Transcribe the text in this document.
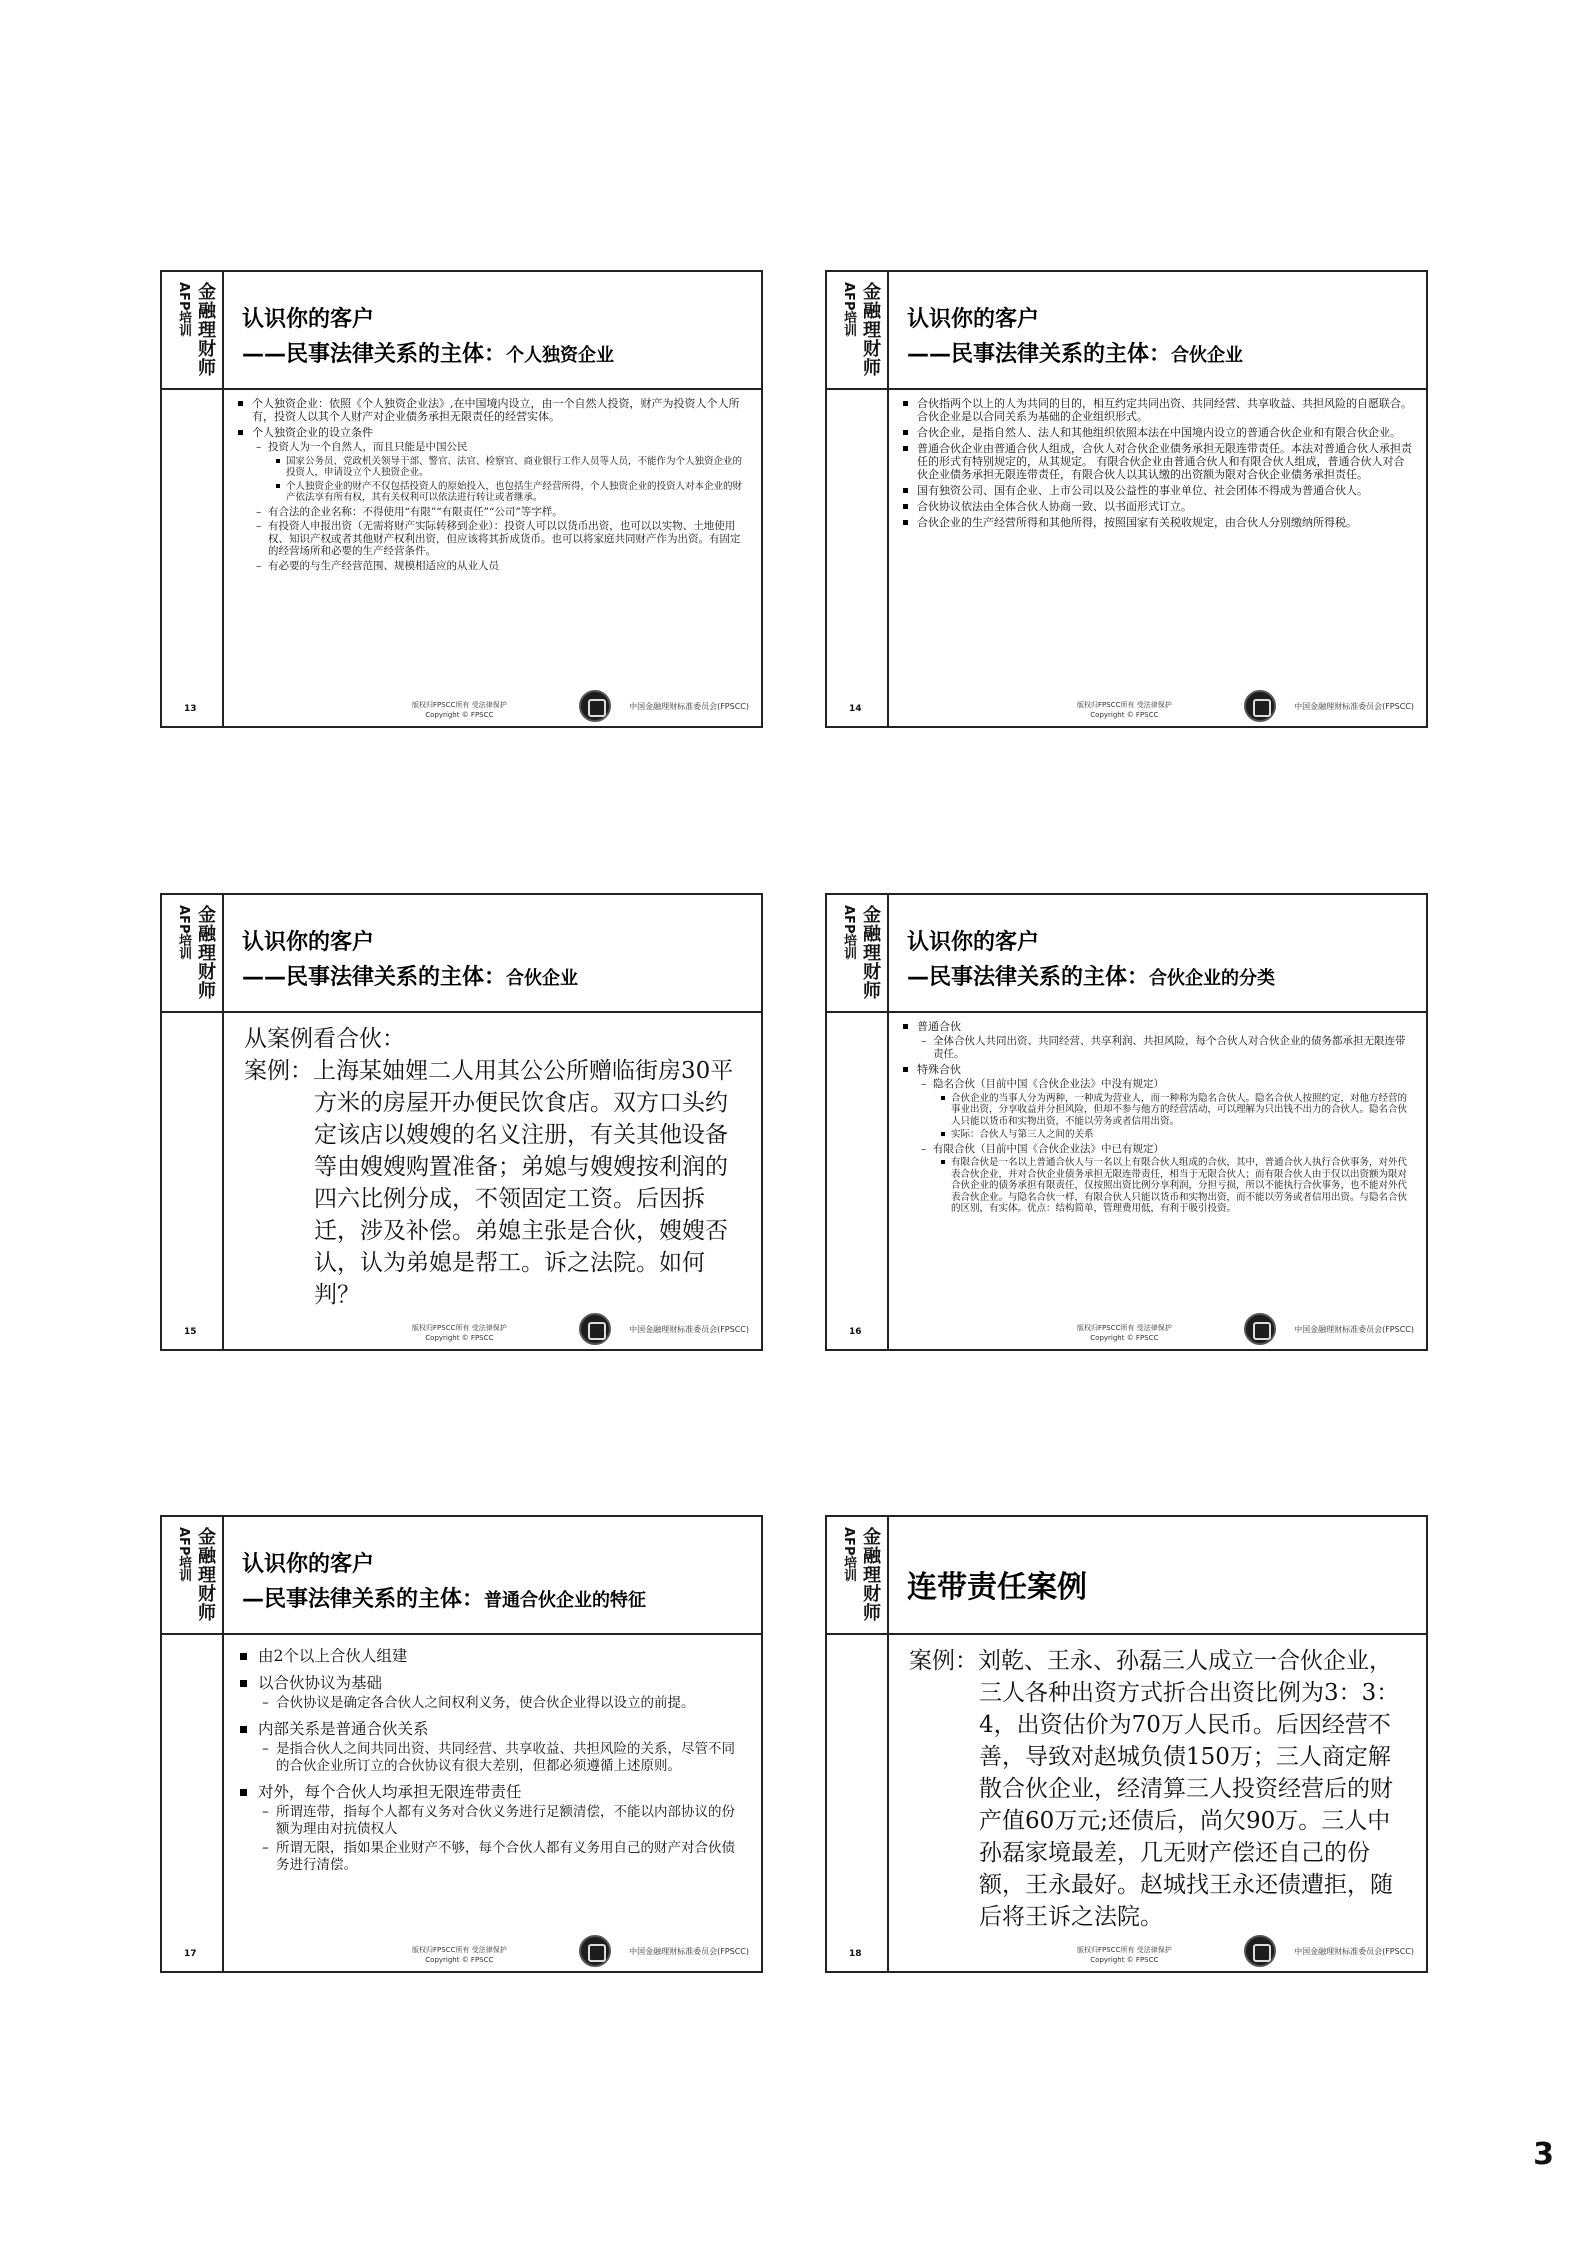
金融理财师
AFP培训 认识你的客户
——民事法律关系的主体：个人独资企业
个人独资企业：依照《个人独资企业法》,在中国境内设立，由一个自然人投资，财产为投资人个人所有，投资人以其个人财产对企业债务承担无限责任的经营实体。
个人独资企业的设立条件
– 投资人为一个自然人，而且只能是中国公民
国家公务员、党政机关领导干部、警官、法官、检察官、商业银行工作人员等人员，不能作为个人独资企业的投资人，申请设立个人独资企业。
个人独资企业的财产不仅包括投资人的原始投入，也包括生产经营所得，个人独资企业的投资人对本企业的财产依法享有所有权，其有关权利可以依法进行转让或者继承。
– 有合法的企业名称：不得使用“有限”“有限责任”“公司”等字样。
– 有投资人申报出资（无需将财产实际转移到企业）：投资人可以以货币出资，也可以以实物、土地使用权、知识产权或者其他财产权利出资，但应该将其折成货币。也可以将家庭共同财产作为出资。有固定的经营场所和必要的生产经营条件。
– 有必要的与生产经营范围、规模相适应的从业人员
13	版权归FPSCC所有 受法律保护
Copyright © FPSCC
中国金融理财标准委员会(FPSCC)
金融理财师
AFP培训 认识你的客户
——民事法律关系的主体：合伙企业
合伙指两个以上的人为共同的目的，相互约定共同出资、共同经营、共享收益、共担风险的自愿联合。合伙企业是以合同关系为基础的企业组织形式。
合伙企业，是指自然人、法人和其他组织依照本法在中国境内设立的普通合伙企业和有限合伙企业。
普通合伙企业由普通合伙人组成，合伙人对合伙企业债务承担无限连带责任。本法对普通合伙人承担责任的形式有特别规定的，从其规定。 有限合伙企业由普通合伙人和有限合伙人组成，普通合伙人对合伙企业债务承担无限连带责任，有限合伙人以其认缴的出资额为限对合伙企业债务承担责任。
国有独资公司、国有企业、上市公司以及公益性的事业单位、社会团体不得成为普通合伙人。
合伙协议依法由全体合伙人协商一致、以书面形式订立。
合伙企业的生产经营所得和其他所得，按照国家有关税收规定，由合伙人分别缴纳所得税。
14	版权归FPSCC所有 受法律保护
Copyright © FPSCC
中国金融理财标准委员会(FPSCC)
金融理财师
AFP培训 认识你的客户
——民事法律关系的主体：合伙企业
从案例看合伙：
案例：上海某妯娌二人用其公公所赠临街房30平方米的房屋开办便民饮食店。双方口头约定该店以嫂嫂的名义注册，有关其他设备等由嫂嫂购置准备；弟媳与嫂嫂按利润的四六比例分成，不领固定工资。后因拆迁，涉及补偿。弟媳主张是合伙，嫂嫂否认，认为弟媳是帮工。诉之法院。如何判？
15	版权归FPSCC所有 受法律保护
Copyright © FPSCC
中国金融理财标准委员会(FPSCC)
金融理财师
AFP培训 认识你的客户
—民事法律关系的主体：合伙企业的分类
普通合伙
– 全体合伙人共同出资、共同经营、共享利润、共担风险，每个合伙人对合伙企业的债务都承担无限连带责任。
特殊合伙
– 隐名合伙（目前中国《合伙企业法》中没有规定）
合伙企业的当事人分为两种，一种成为营业人，而一种称为隐名合伙人。隐名合伙人按照约定，对他方经营的事业出资，分享收益并分担风险，但却不参与他方的经营活动，可以理解为只出钱不出力的合伙人。隐名合伙人只能以货币和实物出资，不能以劳务或者信用出资。
实际：合伙人与第三人之间的关系
– 有限合伙（目前中国《合伙企业法》中已有规定）
有限合伙是一名以上普通合伙人与一名以上有限合伙人组成的合伙，其中，普通合伙人执行合伙事务，对外代表合伙企业，并对合伙企业债务承担无限连带责任，相当于无限合伙人；而有限合伙人由于仅以出资额为限对合伙企业的债务承担有限责任，仅按照出资比例分享利润，分担亏损，所以不能执行合伙事务，也不能对外代表合伙企业。与隐名合伙一样，有限合伙人只能以货币和实物出资，而不能以劳务或者信用出资。与隐名合伙的区别，有实体。优点：结构简单，管理费用低，有利于吸引投资。
16	版权归FPSCC所有 受法律保护
Copyright © FPSCC
中国金融理财标准委员会(FPSCC)
金融理财师
AFP培训 认识你的客户
—民事法律关系的主体：普通合伙企业的特征
由2个以上合伙人组建
以合伙协议为基础
– 合伙协议是确定各合伙人之间权利义务，使合伙企业得以设立的前提。
内部关系是普通合伙关系
– 是指合伙人之间共同出资、共同经营、共享收益、共担风险的关系，尽管不同的合伙企业所订立的合伙协议有很大差别，但都必须遵循上述原则。
对外，每个合伙人均承担无限连带责任
– 所谓连带，指每个人都有义务对合伙义务进行足额清偿，不能以内部协议的份额为理由对抗债权人
– 所谓无限，指如果企业财产不够，每个合伙人都有义务用自己的财产对合伙债务进行清偿。
17	版权归FPSCC所有 受法律保护
Copyright © FPSCC
中国金融理财标准委员会(FPSCC)
金融理财师
AFP培训
连带责任案例
案例：刘乾、王永、孙磊三人成立一合伙企业，三人各种出资方式折合出资比例为3：3：4，出资估价为70万人民币。后因经营不善，导致对赵城负债150万；三人商定解散合伙企业，经清算三人投资经营后的财产值60万元;还债后，尚欠90万。三人中孙磊家境最差，几无财产偿还自己的份额，王永最好。赵城找王永还债遭拒，随后将王诉之法院。
18	版权归FPSCC所有 受法律保护
Copyright © FPSCC
中国金融理财标准委员会(FPSCC)
3
